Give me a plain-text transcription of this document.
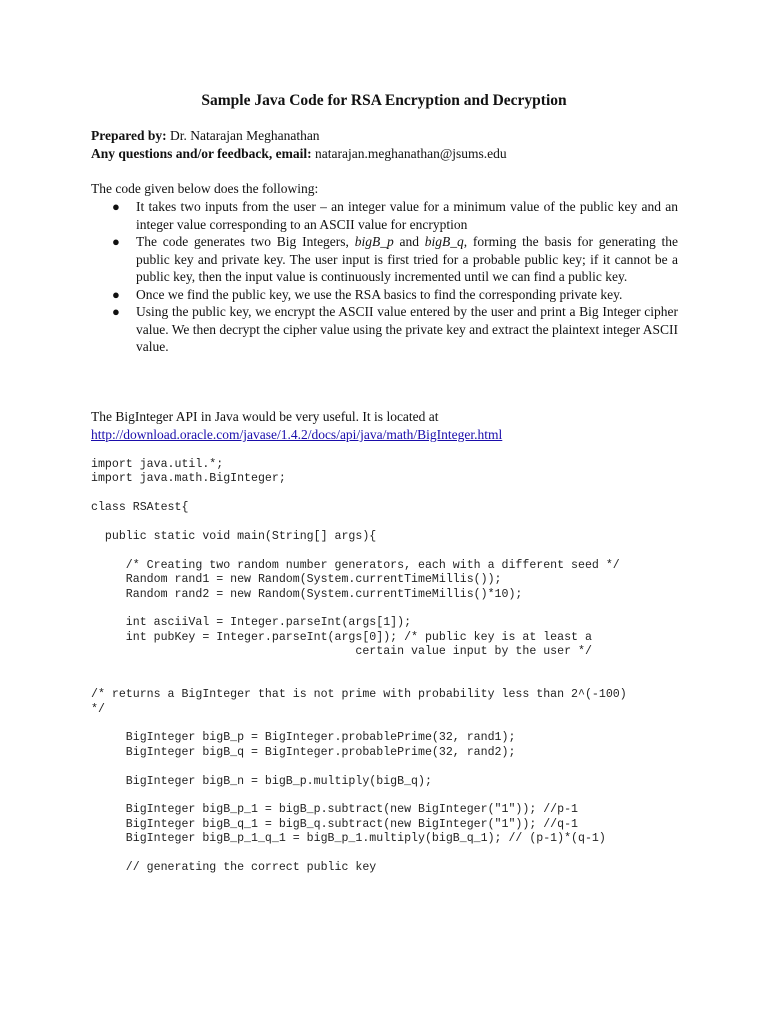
Sample Java Code for RSA Encryption and Decryption
Prepared by: Dr. Natarajan Meghanathan
Any questions and/or feedback, email: natarajan.meghanathan@jsums.edu
The code given below does the following:
● It takes two inputs from the user – an integer value for a minimum value of the public key and an integer value corresponding to an ASCII value for encryption
● The code generates two Big Integers, bigB_p and bigB_q, forming the basis for generating the public key and private key. The user input is first tried for a probable public key; if it cannot be a public key, then the input value is continuously incremented until we can find a public key.
● Once we find the public key, we use the RSA basics to find the corresponding private key.
● Using the public key, we encrypt the ASCII value entered by the user and print a Big Integer cipher value. We then decrypt the cipher value using the private key and extract the plaintext integer ASCII value.
The BigInteger API in Java would be very useful. It is located at
http://download.oracle.com/javase/1.4.2/docs/api/java/math/BigInteger.html
import java.util.*;
import java.math.BigInteger;
class RSAtest{
public static void main(String[] args){
/* Creating two random number generators, each with a different seed */
Random rand1 = new Random(System.currentTimeMillis());
Random rand2 = new Random(System.currentTimeMillis()*10);
int asciiVal = Integer.parseInt(args[1]);
int pubKey = Integer.parseInt(args[0]); /* public key is at least a
certain value input by the user */
/* returns a BigInteger that is not prime with probability less than 2^(-100)
*/
BigInteger bigB_p = BigInteger.probablePrime(32, rand1);
BigInteger bigB_q = BigInteger.probablePrime(32, rand2);
BigInteger bigB_n = bigB_p.multiply(bigB_q);
BigInteger bigB_p_1 = bigB_p.subtract(new BigInteger("1")); //p-1
BigInteger bigB_q_1 = bigB_q.subtract(new BigInteger("1")); //q-1
BigInteger bigB_p_1_q_1 = bigB_p_1.multiply(bigB_q_1); // (p-1)*(q-1)
// generating the correct public key
